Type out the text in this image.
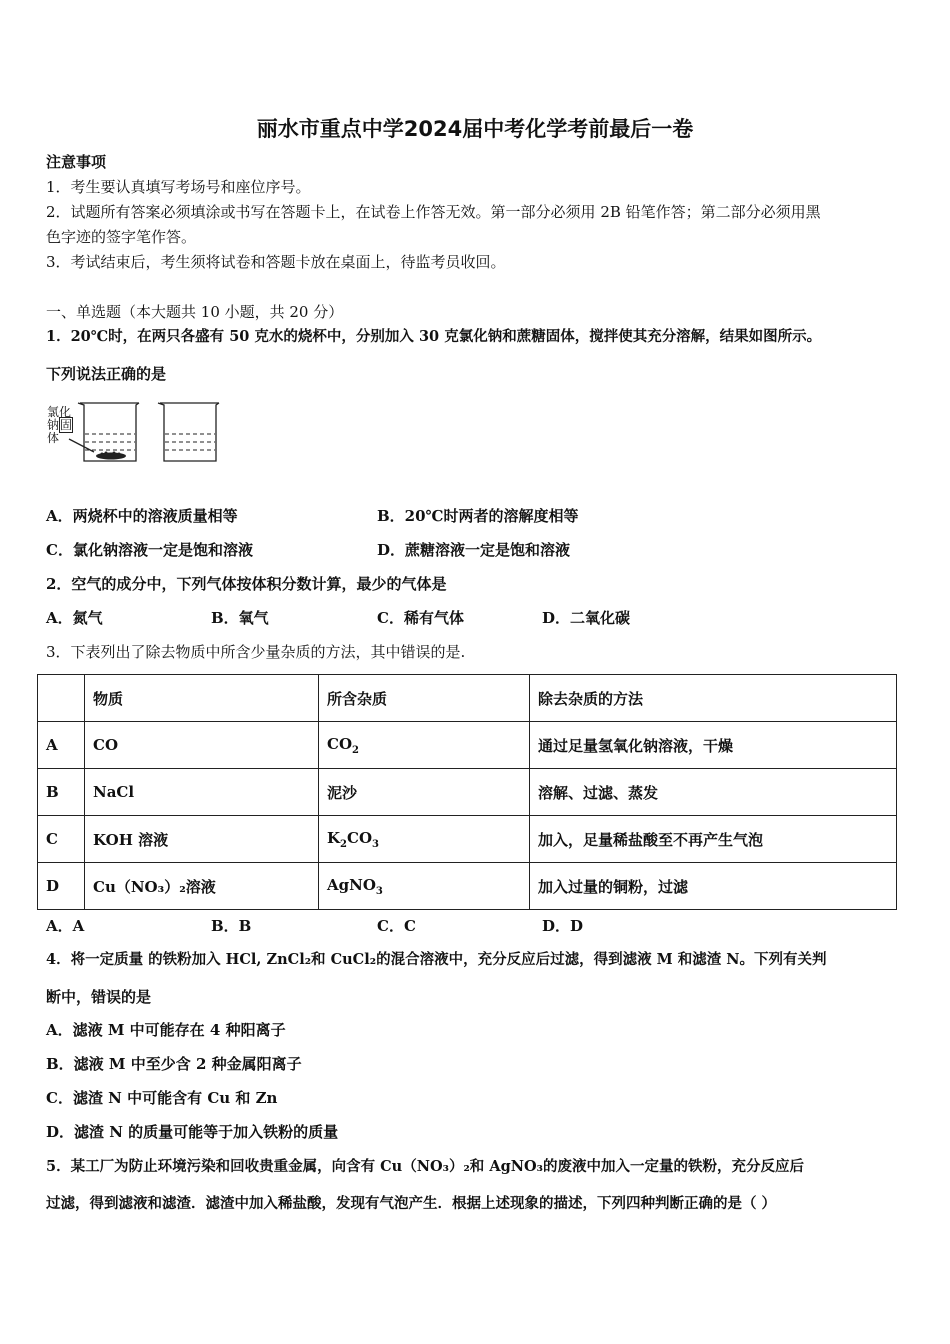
丽水市重点中学2024届中考化学考前最后一卷
注意事项
1．考生要认真填写考场号和座位序号。
2．试题所有答案必须填涂或书写在答题卡上，在试卷上作答无效。第一部分必须用 2B 铅笔作答；第二部分必须用黑
色字迹的签字笔作答。
3．考试结束后，考生须将试卷和答题卡放在桌面上，待监考员收回。
一、单选题（本大题共 10 小题，共 20 分）
1．20℃时，在两只各盛有 50 克水的烧杯中，分别加入 30 克氯化钠和蔗糖固体，搅拌使其充分溶解，结果如图所示。
下列说法正确的是
氯化
钠固
体
A．两烧杯中的溶液质量相等	B．20℃时两者的溶解度相等
C．氯化钠溶液一定是饱和溶液	D．蔗糖溶液一定是饱和溶液
2．空气的成分中，下列气体按体积分数计算，最少的气体是
A．氮气	B．氧气	C．稀有气体	D．二氧化碳
3．下表列出了除去物质中所含少量杂质的方法，其中错误的是.
	物质	所含杂质	除去杂质的方法
A	CO	$CO_2$	通过足量氢氧化钠溶液，干燥
B	NaCl	泥沙	溶解、过滤、蒸发
C	KOH 溶液	$K_2CO_3$	加入，足量稀盐酸至不再产生气泡
D	Cu（NO₃）₂溶液	AgNO$_3$	加入过量的铜粉，过滤
A．A	B．B	C．C	D．D
4．将一定质量 的铁粉加入 HCl, ZnCl₂和 CuCl₂的混合溶液中，充分反应后过滤，得到滤液 M 和滤渣 N。下列有关判
断中，错误的是
A．滤液 M 中可能存在 4 种阳离子
B．滤液 M 中至少含 2 种金属阳离子
C．滤渣 N 中可能含有 Cu 和 Zn
D．滤渣 N 的质量可能等于加入铁粉的质量
5．某工厂为防止环境污染和回收贵重金属，向含有 Cu（NO₃）₂和 AgNO₃的废液中加入一定量的铁粉，充分反应后
过滤，得到滤液和滤渣．滤渣中加入稀盐酸，发现有气泡产生．根据上述现象的描述，下列四种判断正确的是（ ）
